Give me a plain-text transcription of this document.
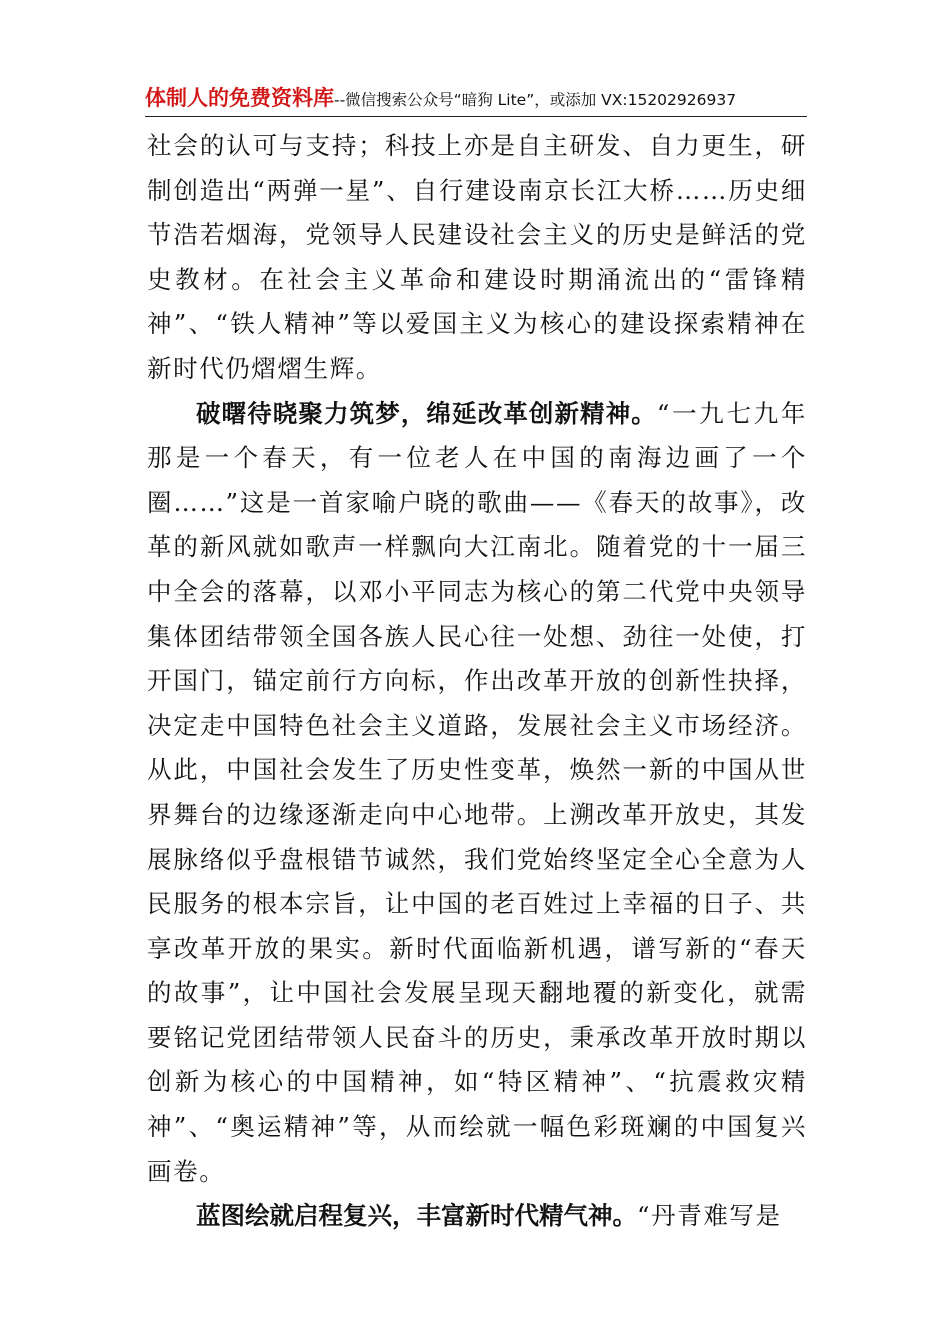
体制人的免费资料库--微信搜索公众号“暗狗 Lite”，或添加 VX:15202926937

社会的认可与支持；科技上亦是自主研发、自力更生，研制创造出“两弹一星”、自行建设南京长江大桥……历史细节浩若烟海，党领导人民建设社会主义的历史是鲜活的党史教材。在社会主义革命和建设时期涌流出的“雷锋精神”、“铁人精神”等以爱国主义为核心的建设探索精神在新时代仍熠熠生辉。

破曙待晓聚力筑梦，绵延改革创新精神。“一九七九年那是一个春天，有一位老人在中国的南海边画了一个圈……”这是一首家喻户晓的歌曲——《春天的故事》，改革的新风就如歌声一样飘向大江南北。随着党的十一届三中全会的落幕，以邓小平同志为核心的第二代党中央领导集体团结带领全国各族人民心往一处想、劲往一处使，打开国门，锚定前行方向标，作出改革开放的创新性抉择，决定走中国特色社会主义道路，发展社会主义市场经济。从此，中国社会发生了历史性变革，焕然一新的中国从世界舞台的边缘逐渐走向中心地带。上溯改革开放史，其发展脉络似乎盘根错节诚然，我们党始终坚定全心全意为人民服务的根本宗旨，让中国的老百姓过上幸福的日子、共享改革开放的果实。新时代面临新机遇，谱写新的“春天的故事”，让中国社会发展呈现天翻地覆的新变化，就需要铭记党团结带领人民奋斗的历史，秉承改革开放时期以创新为核心的中国精神，如“特区精神”、“抗震救灾精神”、“奥运精神”等，从而绘就一幅色彩斑斓的中国复兴画卷。

蓝图绘就启程复兴，丰富新时代精气神。“丹青难写是
